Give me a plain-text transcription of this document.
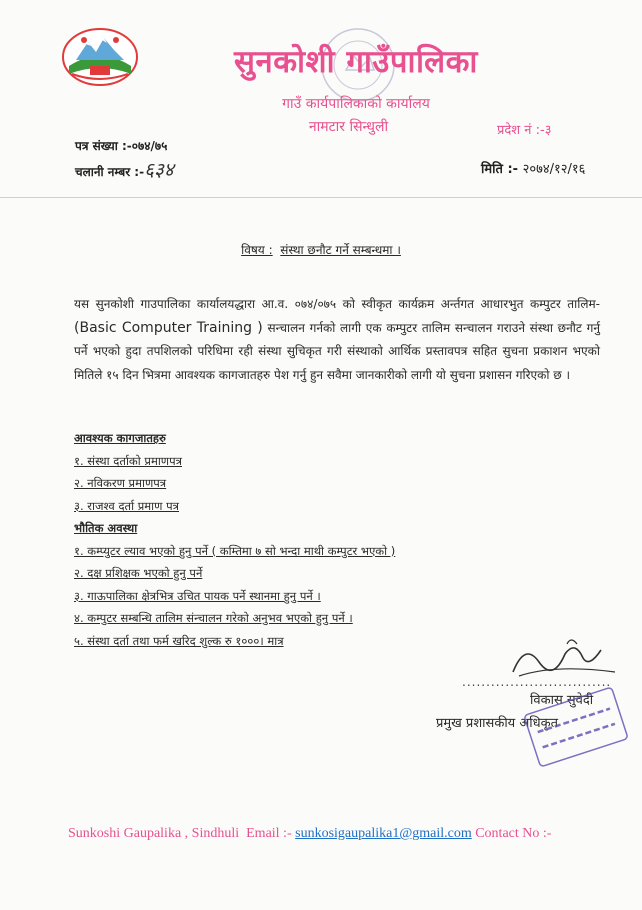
सुनकोशी गाउँपालिका
गाउँ कार्यपालिकाको कार्यालय
नामटार सिन्धुली	प्रदेश नं :-३
पत्र संख्या :-०७४/७५
चलानी नम्बर :-६३४	मिति :- २०७४/१२/१६
विषय : संस्था छनौट गर्ने सम्बन्धमा ।
यस सुनकोशी गाउपालिका कार्यालयद्धारा आ.व. ०७४/०७५ को स्वीकृत कार्यक्रम अर्न्तगत आधारभुत कम्पुटर तालिम- (Basic Computer Training ) सन्चालन गर्नको लागी एक कम्पुटर तालिम सन्चालन गराउने संस्था छनौट गर्नु पर्ने भएको हुदा तपशिलको परिधिमा रही संस्था सुचिकृत गरी संस्थाको आर्थिक प्रस्तावपत्र सहित सुचना प्रकाशन भएको मितिले १५ दिन भित्रमा आवश्यक कागजातहरु पेश गर्नु हुन सवैमा जानकारीको लागी यो सुचना प्रशासन गरिएको छ ।
आवश्यक कागजातहरु
१. संस्था दर्ताको प्रमाणपत्र
२. नविकरण प्रमाणपत्र
३. राजश्व दर्ता प्रमाण पत्र
भौतिक अवस्था
१. कम्प्युटर ल्याव भएको हुनु पर्ने ( कम्तिमा ७ सो भन्दा माथी कम्पुटर भएको )
२. दक्ष प्रशिक्षक भएको हुनु पर्ने
३. गाऊपालिका क्षेत्रभित्र उचित पायक पर्ने स्थानमा हुनु पर्ने ।
४. कम्पुटर सम्बन्धि तालिम संन्चालन गरेको अनुभव भएको हुनु पर्ने ।
५. संस्था दर्ता तथा फर्म खरिद शुल्क रु १०००। मात्र
...............................
विकास सुवेदी
प्रमुख प्रशासकीय अधिकृत
Sunkoshi Gaupalika , Sindhuli Email :- sunkosigaupalika1@gmail.com Contact No :-
